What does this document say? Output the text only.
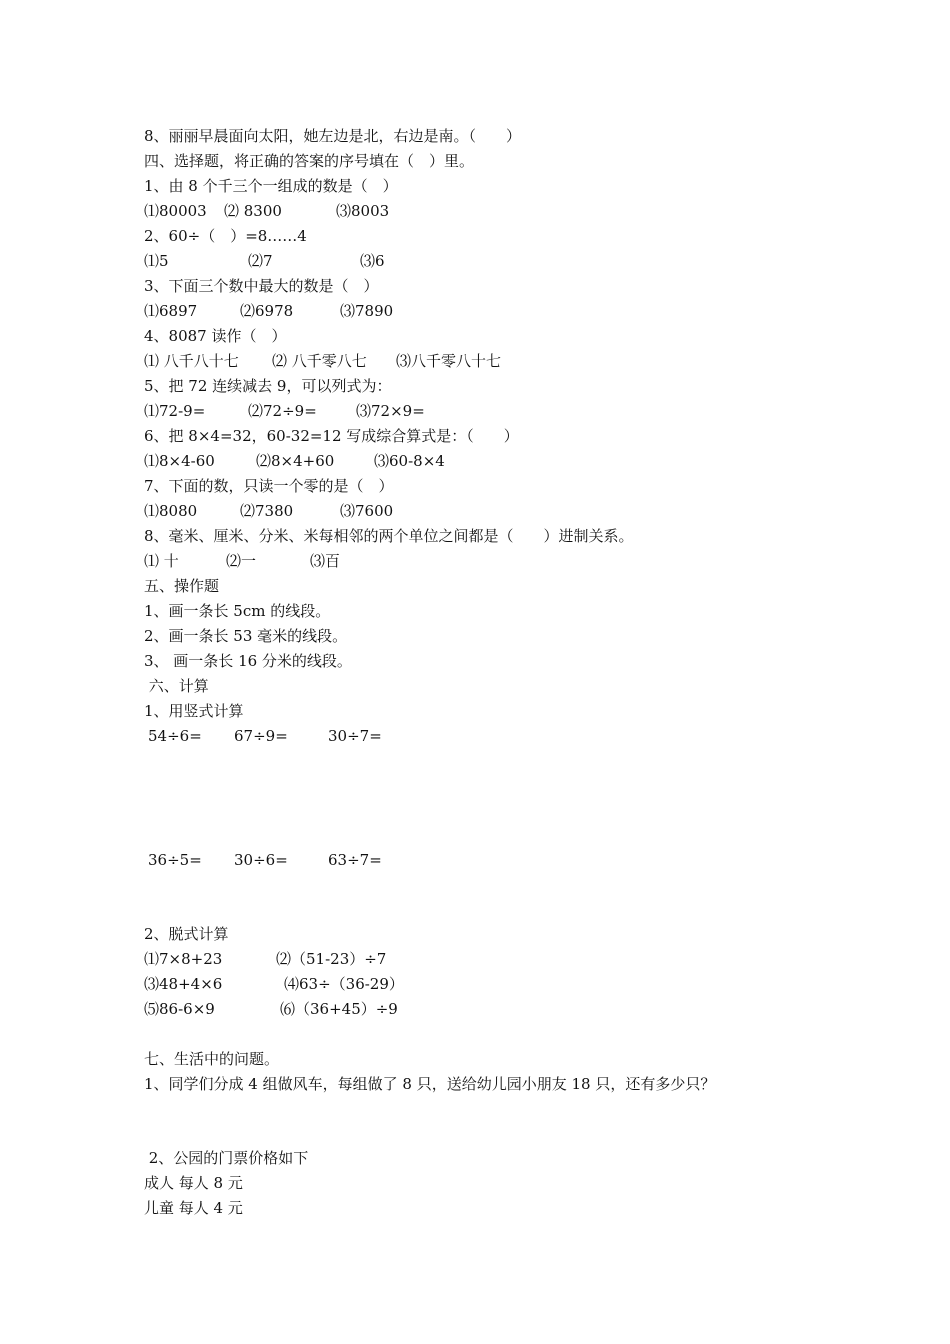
8、丽丽早晨面向太阳，她左边是北，右边是南。（　　）

四、选择题，将正确的答案的序号填在（　）里。

1、由 8 个千三个一组成的数是（　）

⑴80003 ⑵ 8300	⑶8003

2、60÷（　）=8……4

⑴5	⑵7	⑶6

3、下面三个数中最大的数是（　）

⑴6897	⑵6978	⑶7890

4、8087 读作（　）

⑴ 八千八十七 ⑵ 八千零八七 ⑶八千零八十七

5、把 72 连续减去 9，可以列式为：

⑴72-9=	⑵72÷9=	⑶72×9=

6、把 8×4=32，60-32=12 写成综合算式是：（　　）

⑴8×4-60	⑵8×4+60	⑶60-8×4

7、下面的数，只读一个零的是（　）

⑴8080	⑵7380	⑶7600

8、毫米、厘米、分米、米每相邻的两个单位之间都是（　　）进制关系。

⑴ 十	⑵一	⑶百

五、操作题

1、画一条长 5cm 的线段。

2、画一条长 53 毫米的线段。

3、 画一条长 16 分米的线段。

六、计算

1、用竖式计算

54÷6= 67÷9=	30÷7=
36÷5= 30÷6=	63÷7=

2、脱式计算

⑴7×8+23	⑵（51-23）÷7
⑶48+4×6	⑷63÷（36-29）
⑸86-6×9	⑹（36+45）÷9

七、生活中的问题。

1、同学们分成 4 组做风车，每组做了 8 只，送给幼儿园小朋友 18 只，还有多少只？

2、公园的门票价格如下

成人 每人 8 元

儿童 每人 4 元
